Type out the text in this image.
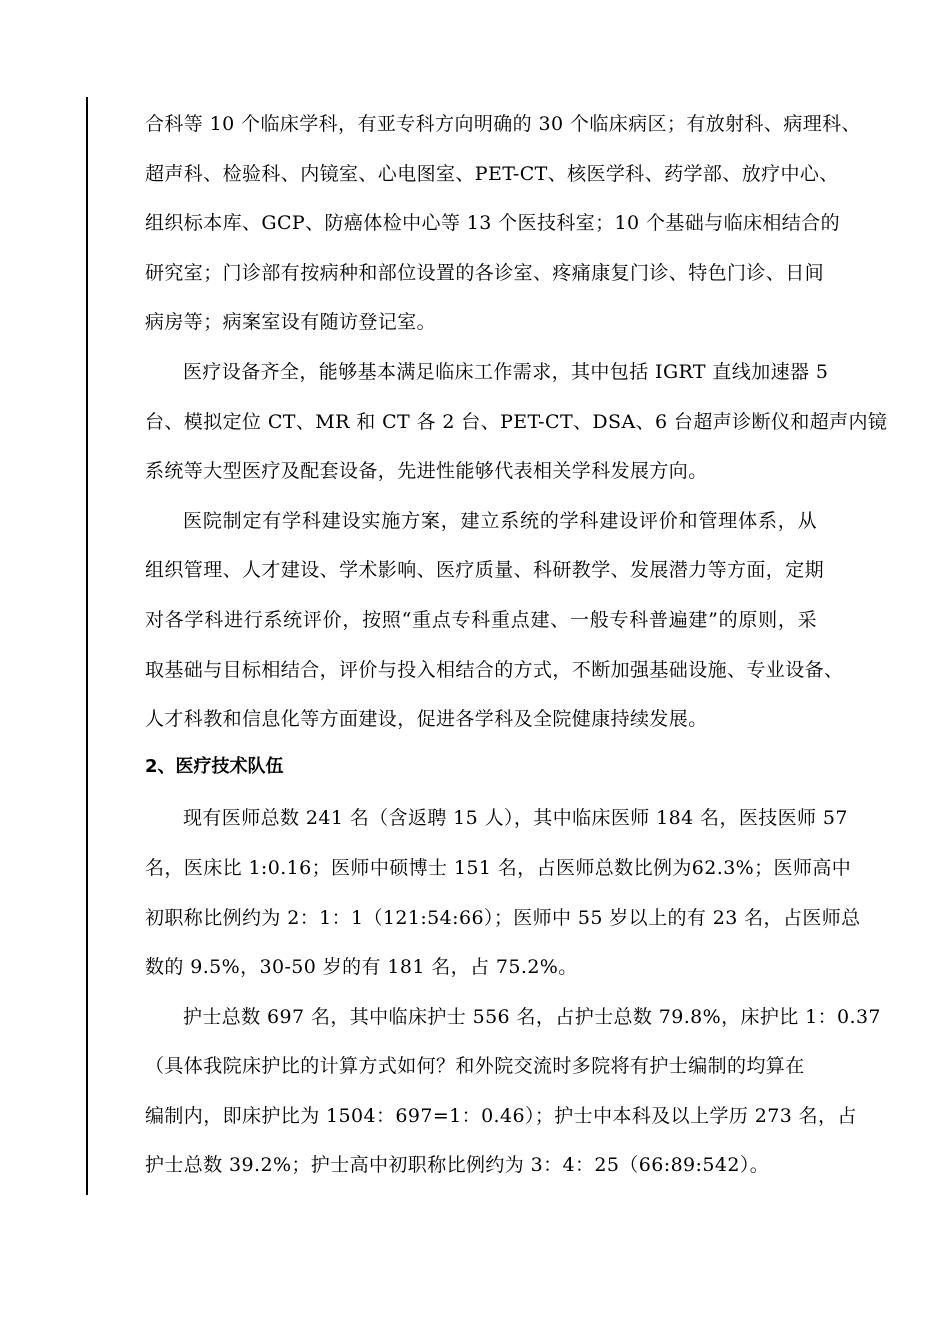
合科等 10 个临床学科，有亚专科方向明确的 30 个临床病区；有放射科、病理科、
超声科、检验科、内镜室、心电图室、PET-CT、核医学科、药学部、放疗中心、
组织标本库、GCP、防癌体检中心等 13 个医技科室；10 个基础与临床相结合的
研究室；门诊部有按病种和部位设置的各诊室、疼痛康复门诊、特色门诊、日间
病房等；病案室设有随访登记室。
医疗设备齐全，能够基本满足临床工作需求，其中包括 IGRT 直线加速器 5
台、模拟定位 CT、MR 和 CT 各 2 台、PET-CT、DSA、6 台超声诊断仪和超声内镜
系统等大型医疗及配套设备，先进性能够代表相关学科发展方向。
医院制定有学科建设实施方案，建立系统的学科建设评价和管理体系，从
组织管理、人才建设、学术影响、医疗质量、科研教学、发展潜力等方面，定期
对各学科进行系统评价，按照“重点专科重点建、一般专科普遍建”的原则，采
取基础与目标相结合，评价与投入相结合的方式，不断加强基础设施、专业设备、
人才科教和信息化等方面建设，促进各学科及全院健康持续发展。
2、医疗技术队伍
现有医师总数 241 名（含返聘 15 人），其中临床医师 184 名，医技医师 57
名，医床比 1:0.16；医师中硕博士 151 名，占医师总数比例为62.3%；医师高中
初职称比例约为 2：1：1（121:54:66）；医师中 55 岁以上的有 23 名，占医师总
数的 9.5%，30-50 岁的有 181 名，占 75.2%。
护士总数 697 名，其中临床护士 556 名，占护士总数 79.8%，床护比 1：0.37
（具体我院床护比的计算方式如何？和外院交流时多院将有护士编制的均算在
编制内，即床护比为 1504：697=1：0.46）；护士中本科及以上学历 273 名，占
护士总数 39.2%；护士高中初职称比例约为 3：4：25（66:89:542）。
